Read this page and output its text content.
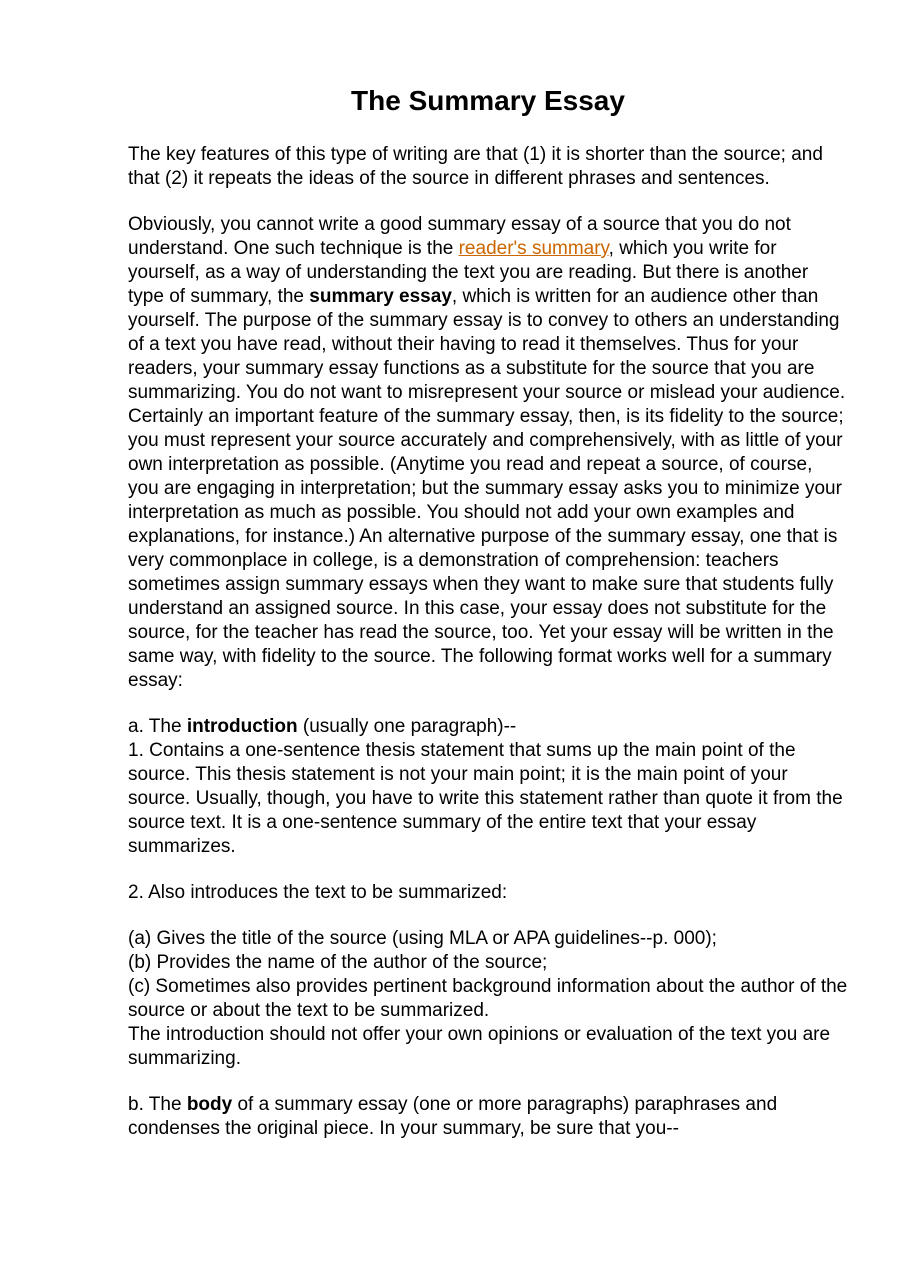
The Summary Essay

The key features of this type of writing are that (1) it is shorter than the source; and that (2) it repeats the ideas of the source in different phrases and sentences.

Obviously, you cannot write a good summary essay of a source that you do not understand. One such technique is the reader's summary, which you write for yourself, as a way of understanding the text you are reading. But there is another type of summary, the summary essay, which is written for an audience other than yourself. The purpose of the summary essay is to convey to others an understanding of a text you have read, without their having to read it themselves. Thus for your readers, your summary essay functions as a substitute for the source that you are summarizing. You do not want to misrepresent your source or mislead your audience. Certainly an important feature of the summary essay, then, is its fidelity to the source; you must represent your source accurately and comprehensively, with as little of your own interpretation as possible. (Anytime you read and repeat a source, of course, you are engaging in interpretation; but the summary essay asks you to minimize your interpretation as much as possible. You should not add your own examples and explanations, for instance.) An alternative purpose of the summary essay, one that is very commonplace in college, is a demonstration of comprehension: teachers sometimes assign summary essays when they want to make sure that students fully understand an assigned source. In this case, your essay does not substitute for the source, for the teacher has read the source, too. Yet your essay will be written in the same way, with fidelity to the source. The following format works well for a summary essay:

a. The introduction (usually one paragraph)--
1. Contains a one-sentence thesis statement that sums up the main point of the source. This thesis statement is not your main point; it is the main point of your source. Usually, though, you have to write this statement rather than quote it from the source text. It is a one-sentence summary of the entire text that your essay summarizes.

2. Also introduces the text to be summarized:

(a) Gives the title of the source (using MLA or APA guidelines--p. 000);
(b) Provides the name of the author of the source;
(c) Sometimes also provides pertinent background information about the author of the source or about the text to be summarized.
The introduction should not offer your own opinions or evaluation of the text you are summarizing.

b. The body of a summary essay (one or more paragraphs) paraphrases and condenses the original piece. In your summary, be sure that you--
